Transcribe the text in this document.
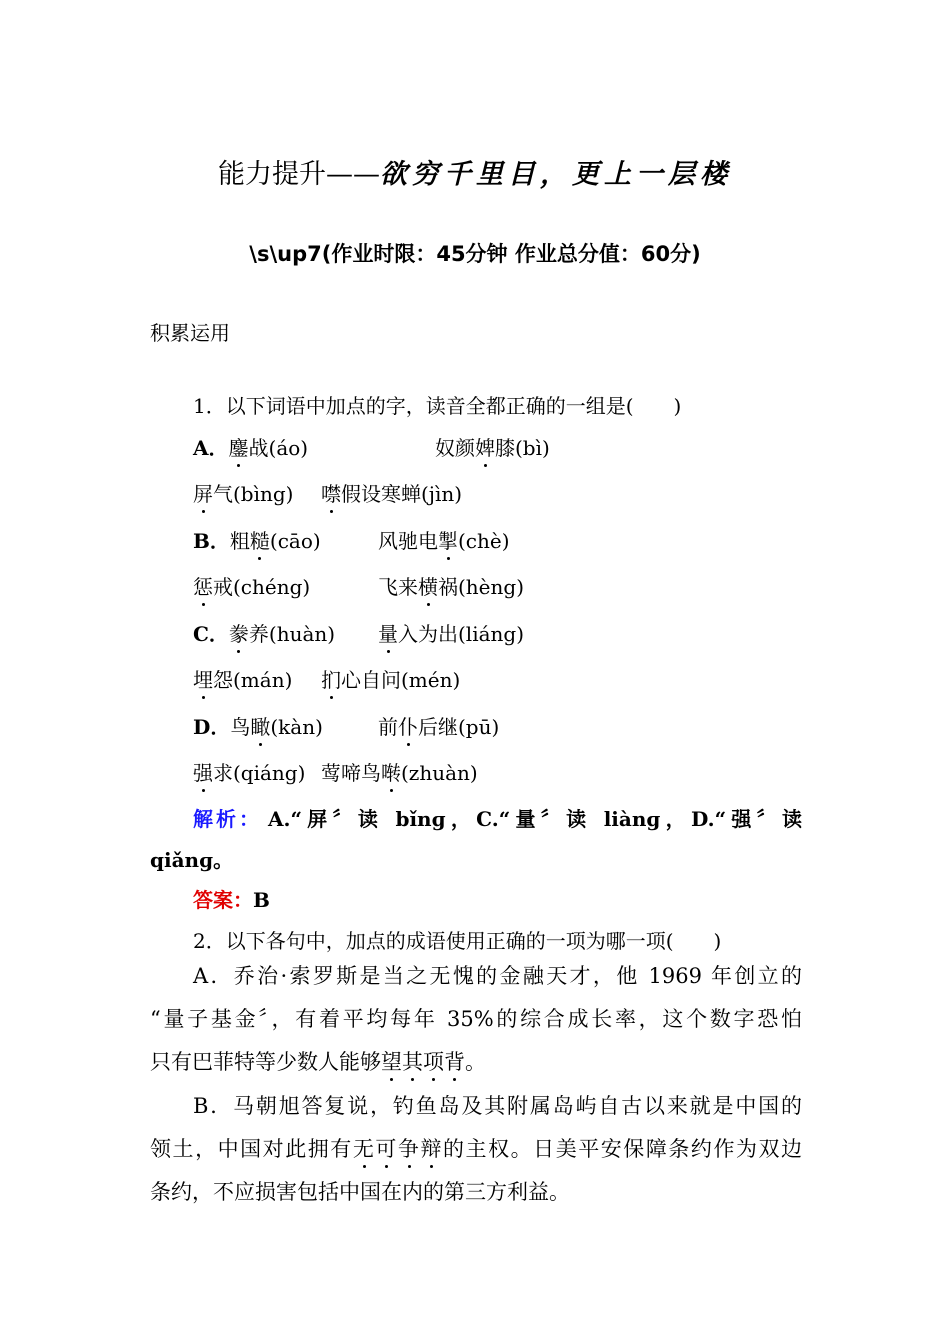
能力提升——欲穷千里目，更上一层楼
\s\up7(作业时限：45分钟 作业总分值：60分)
积累运用
1．以下词语中加点的字，读音全都正确的一组是(　　)
A．鏖战(áo)	奴颜婢膝(bì)
屏气(bìng) 噤假设寒蝉(jìn)
B．粗糙(cāo)	风驰电掣(chè)
惩戒(chéng)	飞来横祸(hèng)
C．豢养(huàn) 量入为出(liáng)
埋怨(mán) 扪心自问(mén)
D．鸟瞰(kàn)	前仆后继(pū)
强求(qiáng) 莺啼鸟啭(zhuàn)
解析： A.“屏〞读 bǐnɡ，C.“量〞读 liànɡ，D.“强〞读
qiǎnɡ。
答案：B
2．以下各句中，加点的成语使用正确的一项为哪一项(　　)
A．乔治·索罗斯是当之无愧的金融天才，他 1969 年创立的
“量子基金〞，有着平均每年 35%的综合成长率，这个数字恐怕
只有巴菲特等少数人能够望其项背。
B．马朝旭答复说，钓鱼岛及其附属岛屿自古以来就是中国的
领土，中国对此拥有无可争辩的主权。日美平安保障条约作为双边
条约，不应损害包括中国在内的第三方利益。
